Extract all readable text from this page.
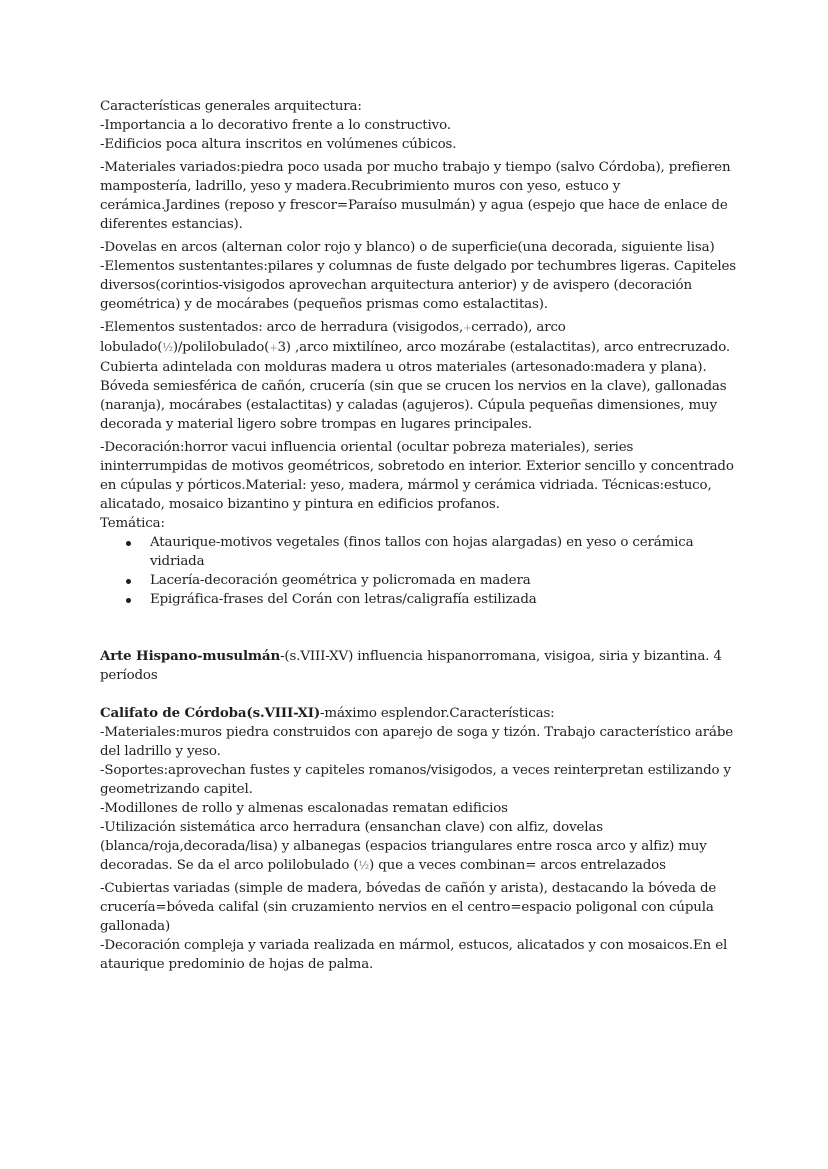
Características generales arquitectura:

-Importancia a lo decorativo frente a lo constructivo.

-Edificios poca altura inscritos en volúmenes cúbicos.

-Materiales variados:piedra poco usada por mucho trabajo y tiempo (salvo Córdoba), prefieren mampostería, ladrillo, yeso y madera.Recubrimiento muros con yeso, estuco y cerámica.Jardines (reposo y frescor=Paraíso musulmán) y agua (espejo que hace de enlace de diferentes estancias).

-Dovelas en arcos (alternan color rojo y blanco) o de superficie(una decorada, siguiente lisa)

-Elementos sustentantes:pilares y columnas de fuste delgado por techumbres ligeras. Capiteles diversos(corintios-visigodos aprovechan arquitectura anterior) y de avispero (decoración geométrica) y de mocárabes (pequeños prismas como estalactitas).

-Elementos sustentados: arco de herradura (visigodos,+cerrado), arco lobulado(½)/polilobulado(+3) ,arco mixtilíneo, arco mozárabe (estalactitas), arco entrecruzado. Cubierta adintelada con molduras madera u otros materiales (artesonado:madera y plana). Bóveda semiesférica de cañón, crucería (sin que se crucen los nervios en la clave), gallonadas (naranja), mocárabes (estalactitas) y caladas (agujeros). Cúpula pequeñas dimensiones, muy decorada y material ligero sobre trompas en lugares principales.

-Decoración:horror vacui influencia oriental (ocultar pobreza materiales), series ininterrumpidas de motivos geométricos, sobretodo en interior. Exterior sencillo y concentrado en cúpulas y pórticos.Material: yeso, madera, mármol y cerámica vidriada. Técnicas:estuco, alicatado, mosaico bizantino y pintura en edificios profanos.

Temática:

Ataurique-motivos vegetales (finos tallos con hojas alargadas) en yeso o cerámica vidriada
Lacería-decoración geométrica y policromada en madera
Epigráfica-frases del Corán con letras/caligrafía estilizada

Arte Hispano-musulmán-(s.VIII-XV) influencia hispanorromana, visigoa, siria y bizantina. 4 períodos

Califato de Córdoba(s.VIII-XI)-máximo esplendor.Características:

-Materiales:muros piedra construidos con aparejo de soga y tizón. Trabajo característico arábe del ladrillo y yeso.

-Soportes:aprovechan fustes y capiteles romanos/visigodos, a veces reinterpretan estilizando y geometrizando capitel.

-Modillones de rollo y almenas escalonadas rematan edificios

-Utilización sistemática arco herradura (ensanchan clave) con alfiz, dovelas (blanca/roja,decorada/lisa) y albanegas (espacios triangulares entre rosca arco y alfiz) muy decoradas. Se da el arco polilobulado (½) que a veces combinan= arcos entrelazados

-Cubiertas variadas (simple de madera, bóvedas de cañón y arista), destacando la bóveda de crucería=bóveda califal (sin cruzamiento nervios en el centro=espacio poligonal con cúpula gallonada)

-Decoración compleja y variada realizada en mármol, estucos, alicatados y con mosaicos.En el ataurique predominio de hojas de palma.
